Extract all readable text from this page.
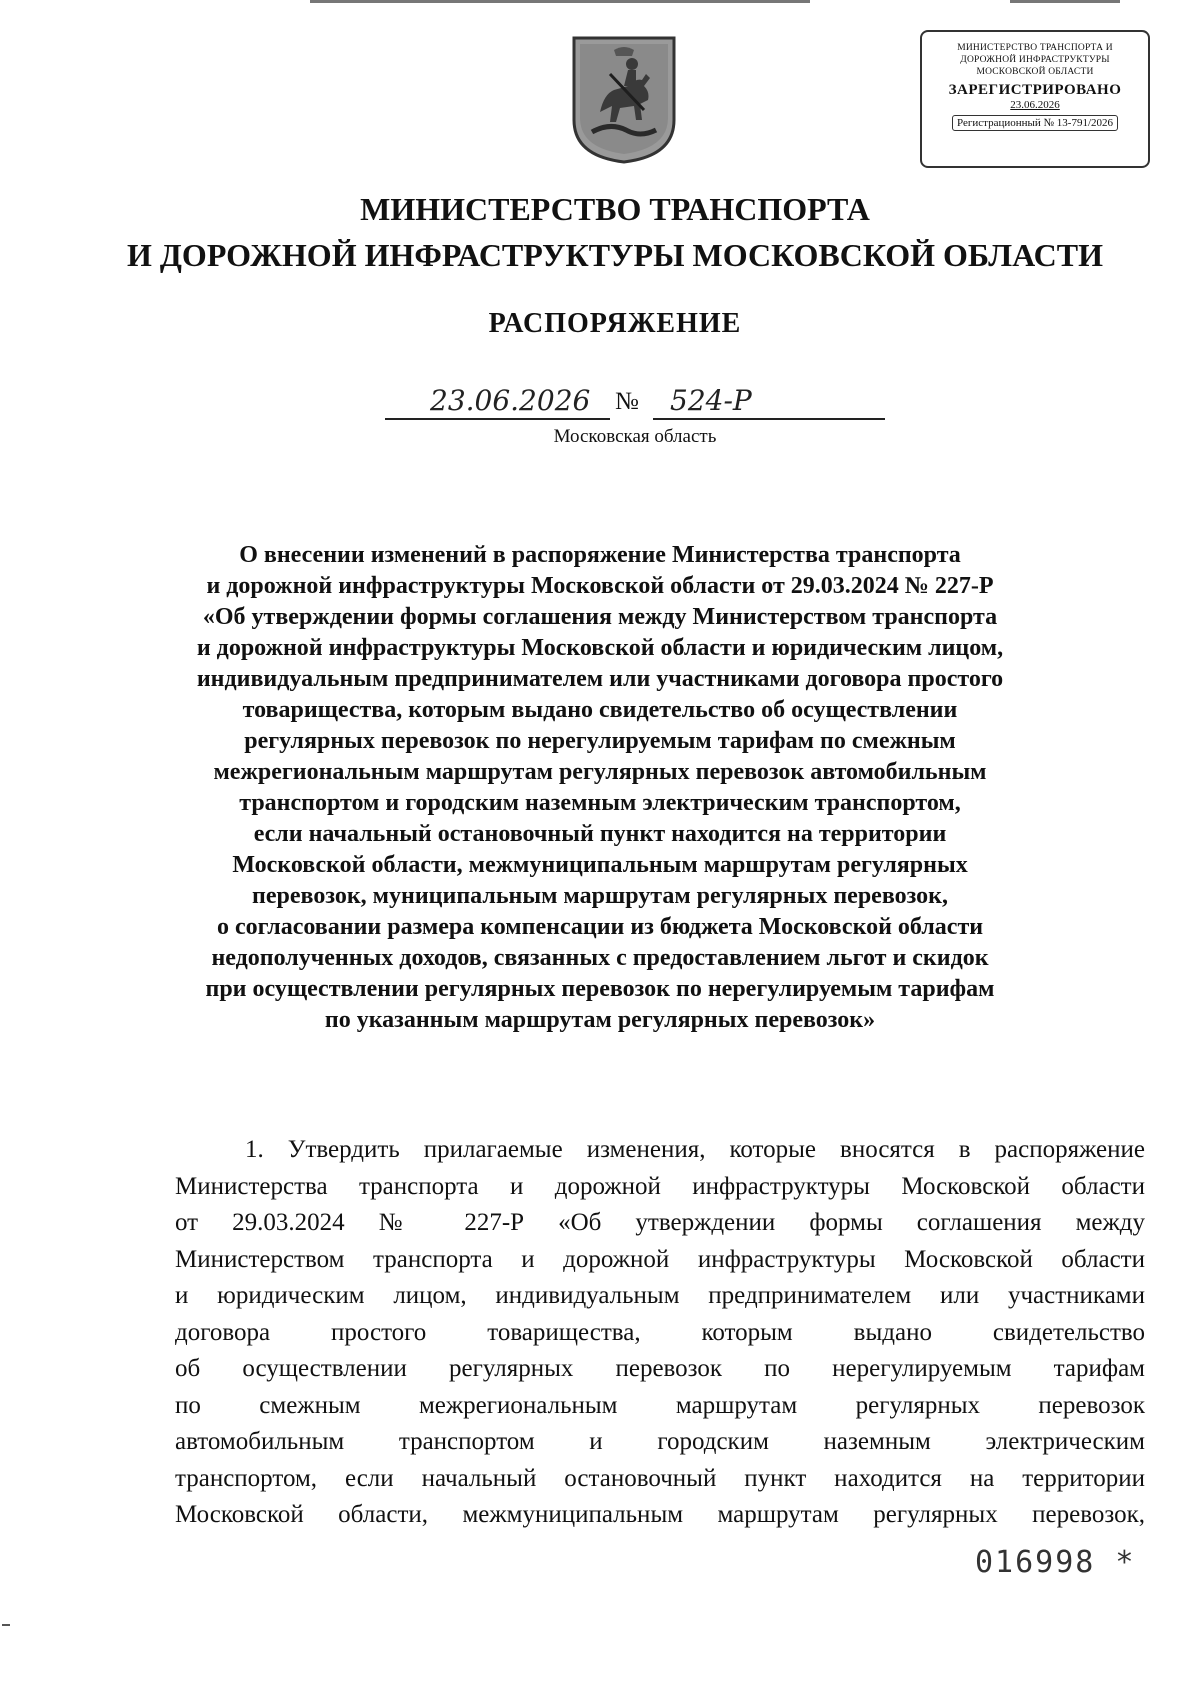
МИНИСТЕРСТВО ТРАНСПОРТА И
ДОРОЖНОЙ ИНФРАСТРУКТУРЫ
МОСКОВСКОЙ ОБЛАСТИ
ЗАРЕГИСТРИРОВАНО
23.06.2026
Регистрационный № 13-791/2026
МИНИСТЕРСТВО ТРАНСПОРТА
И ДОРОЖНОЙ ИНФРАСТРУКТУРЫ МОСКОВСКОЙ ОБЛАСТИ
РАСПОРЯЖЕНИЕ
23.06.2026 № 524-Р
Московская область
О внесении изменений в распоряжение Министерства транспорта
и дорожной инфраструктуры Московской области от 29.03.2024 № 227-Р
«Об утверждении формы соглашения между Министерством транспорта
и дорожной инфраструктуры Московской области и юридическим лицом,
индивидуальным предпринимателем или участниками договора простого
товарищества, которым выдано свидетельство об осуществлении
регулярных перевозок по нерегулируемым тарифам по смежным
межрегиональным маршрутам регулярных перевозок автомобильным
транспортом и городским наземным электрическим транспортом,
если начальный остановочный пункт находится на территории
Московской области, межмуниципальным маршрутам регулярных
перевозок, муниципальным маршрутам регулярных перевозок,
о согласовании размера компенсации из бюджета Московской области
недополученных доходов, связанных с предоставлением льгот и скидок
при осуществлении регулярных перевозок по нерегулируемым тарифам
по указанным маршрутам регулярных перевозок»
1. Утвердить прилагаемые изменения, которые вносятся в распоряжение
Министерства транспорта и дорожной инфраструктуры Московской области
от 29.03.2024 № 227-Р «Об утверждении формы соглашения между
Министерством транспорта и дорожной инфраструктуры Московской области
и юридическим лицом, индивидуальным предпринимателем или участниками
договора простого товарищества, которым выдано свидетельство
об осуществлении регулярных перевозок по нерегулируемым тарифам
по смежным межрегиональным маршрутам регулярных перевозок
автомобильным транспортом и городским наземным электрическим
транспортом, если начальный остановочный пункт находится на территории
Московской области, межмуниципальным маршрутам регулярных перевозок,
016998 *
